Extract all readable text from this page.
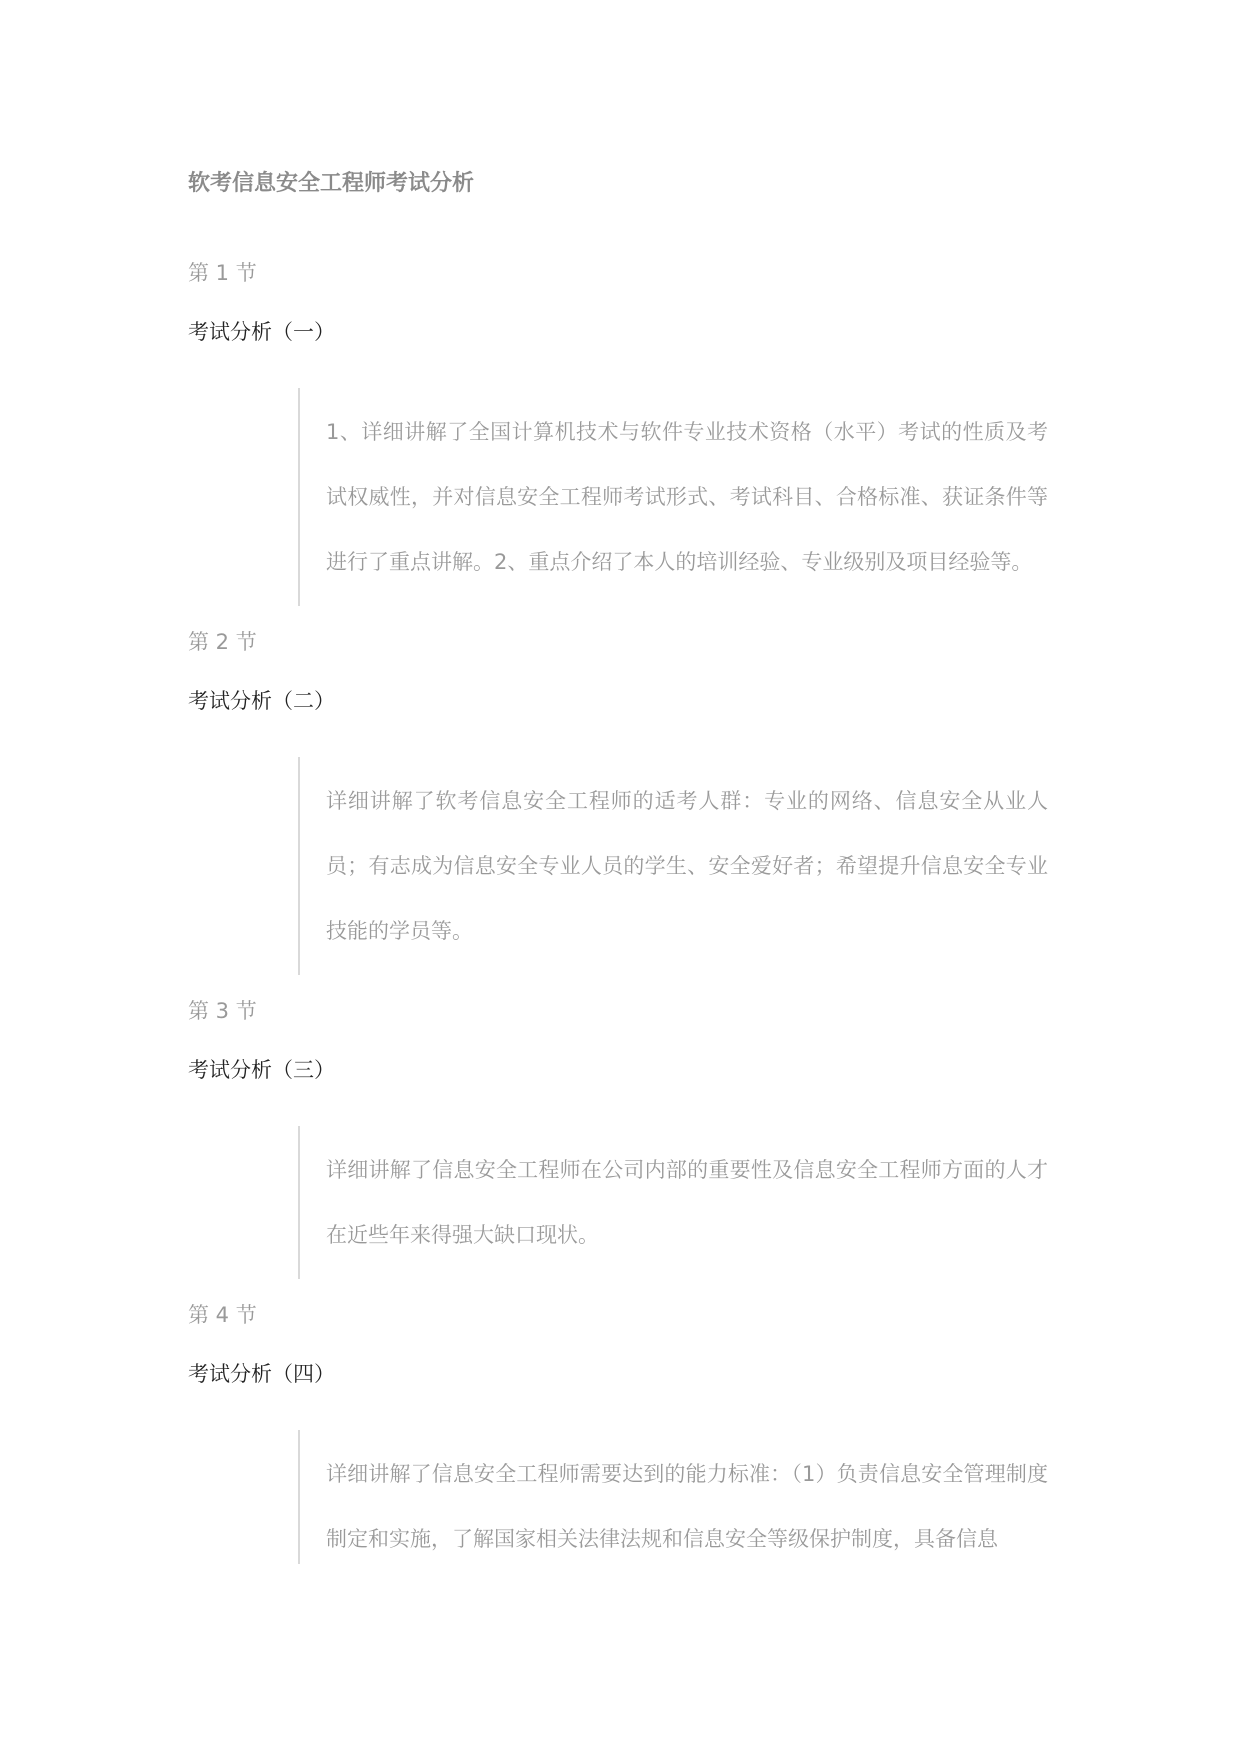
软考信息安全工程师考试分析
第 1 节
考试分析（一）

1、详细讲解了全国计算机技术与软件专业技术资格（水平）考试的性质及考试权威性，并对信息安全工程师考试形式、考试科目、合格标准、获证条件等进行了重点讲解。2、重点介绍了本人的培训经验、专业级别及项目经验等。

第 2 节
考试分析（二）

详细讲解了软考信息安全工程师的适考人群：专业的网络、信息安全从业人员；有志成为信息安全专业人员的学生、安全爱好者；希望提升信息安全专业技能的学员等。

第 3 节
考试分析（三）

详细讲解了信息安全工程师在公司内部的重要性及信息安全工程师方面的人才在近些年来得强大缺口现状。

第 4 节
考试分析（四）

详细讲解了信息安全工程师需要达到的能力标准：（1）负责信息安全管理制度制定和实施，了解国家相关法律法规和信息安全等级保护制度，具备信息
